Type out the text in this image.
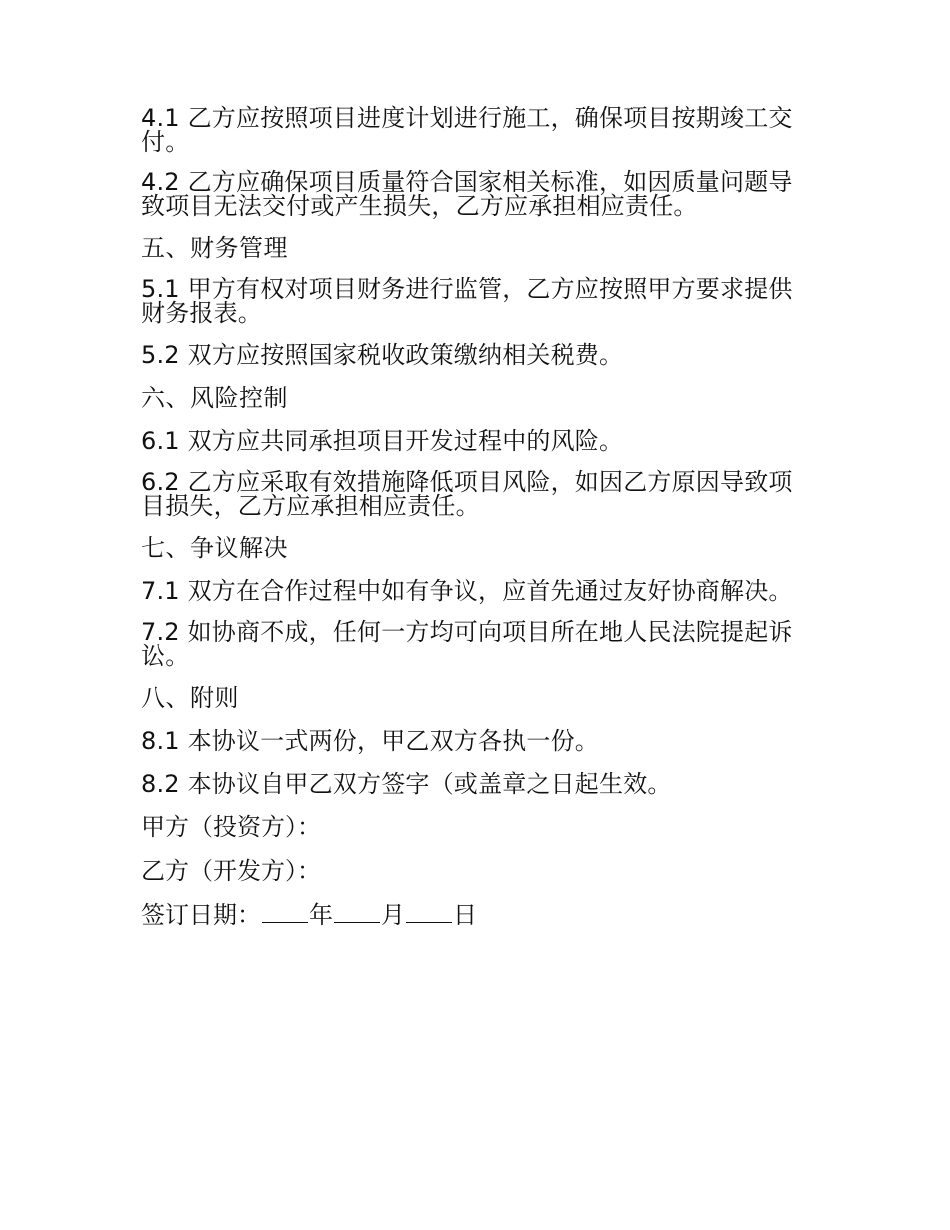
4.1 乙方应按照项目进度计划进行施工，确保项目按期竣工交付。

4.2 乙方应确保项目质量符合国家相关标准，如因质量问题导致项目无法交付或产生损失，乙方应承担相应责任。

五、财务管理

5.1 甲方有权对项目财务进行监管，乙方应按照甲方要求提供财务报表。

5.2 双方应按照国家税收政策缴纳相关税费。

六、风险控制

6.1 双方应共同承担项目开发过程中的风险。

6.2 乙方应采取有效措施降低项目风险，如因乙方原因导致项目损失，乙方应承担相应责任。

七、争议解决

7.1 双方在合作过程中如有争议，应首先通过友好协商解决。

7.2 如协商不成，任何一方均可向项目所在地人民法院提起诉讼。

八、附则

8.1 本协议一式两份，甲乙双方各执一份。

8.2 本协议自甲乙双方签字（或盖章之日起生效。

甲方（投资方）：

乙方（开发方）：

签订日期： 年 月 日
